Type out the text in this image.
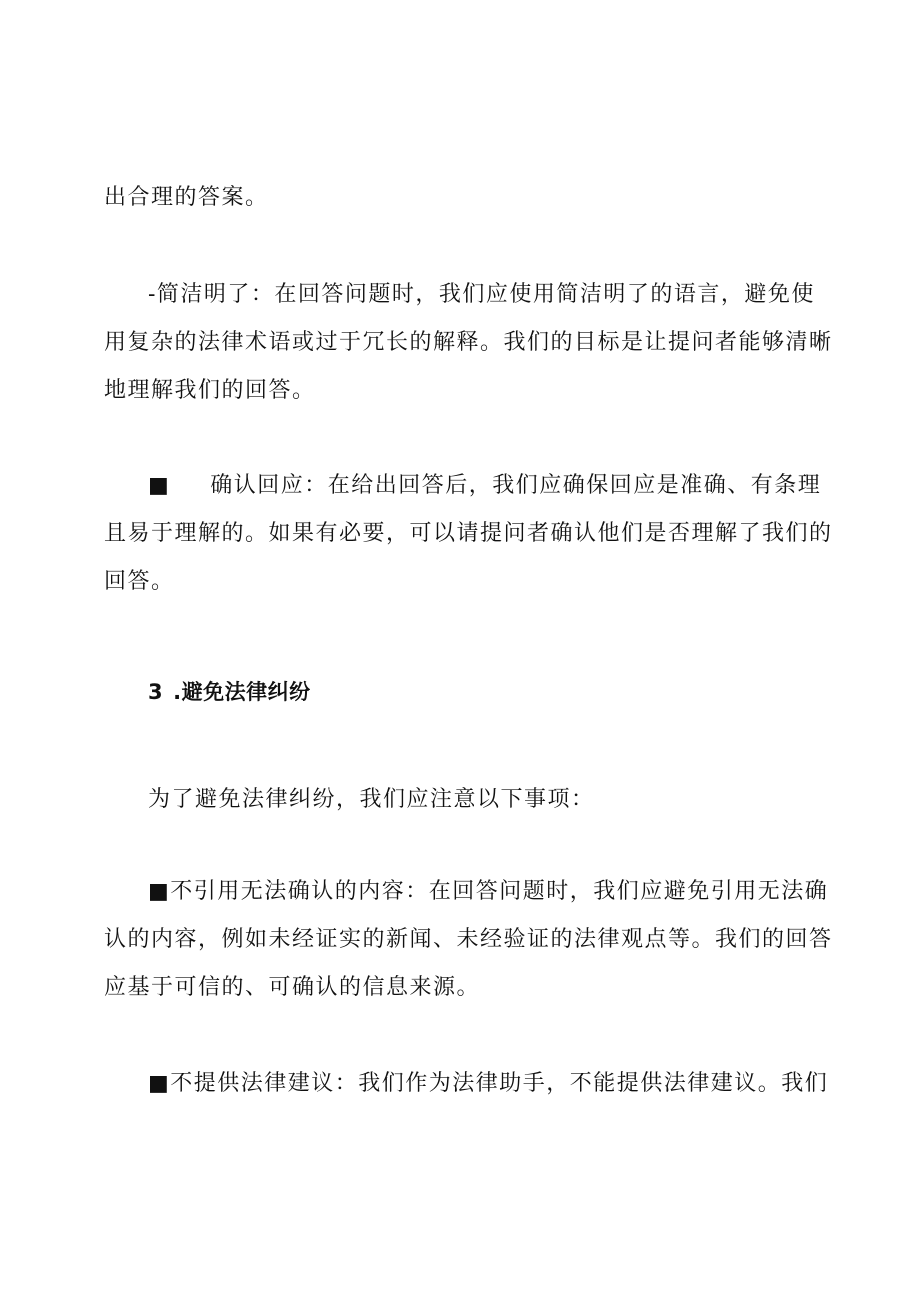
出合理的答案。
-简洁明了：在回答问题时，我们应使用简洁明了的语言，避免使
用复杂的法律术语或过于冗长的解释。我们的目标是让提问者能够清晰
地理解我们的回答。
■ 确认回应：在给出回答后，我们应确保回应是准确、有条理
且易于理解的。如果有必要，可以请提问者确认他们是否理解了我们的
回答。
3 .避免法律纠纷
为了避免法律纠纷，我们应注意以下事项：
■不引用无法确认的内容：在回答问题时，我们应避免引用无法确
认的内容，例如未经证实的新闻、未经验证的法律观点等。我们的回答
应基于可信的、可确认的信息来源。
■不提供法律建议：我们作为法律助手，不能提供法律建议。我们
